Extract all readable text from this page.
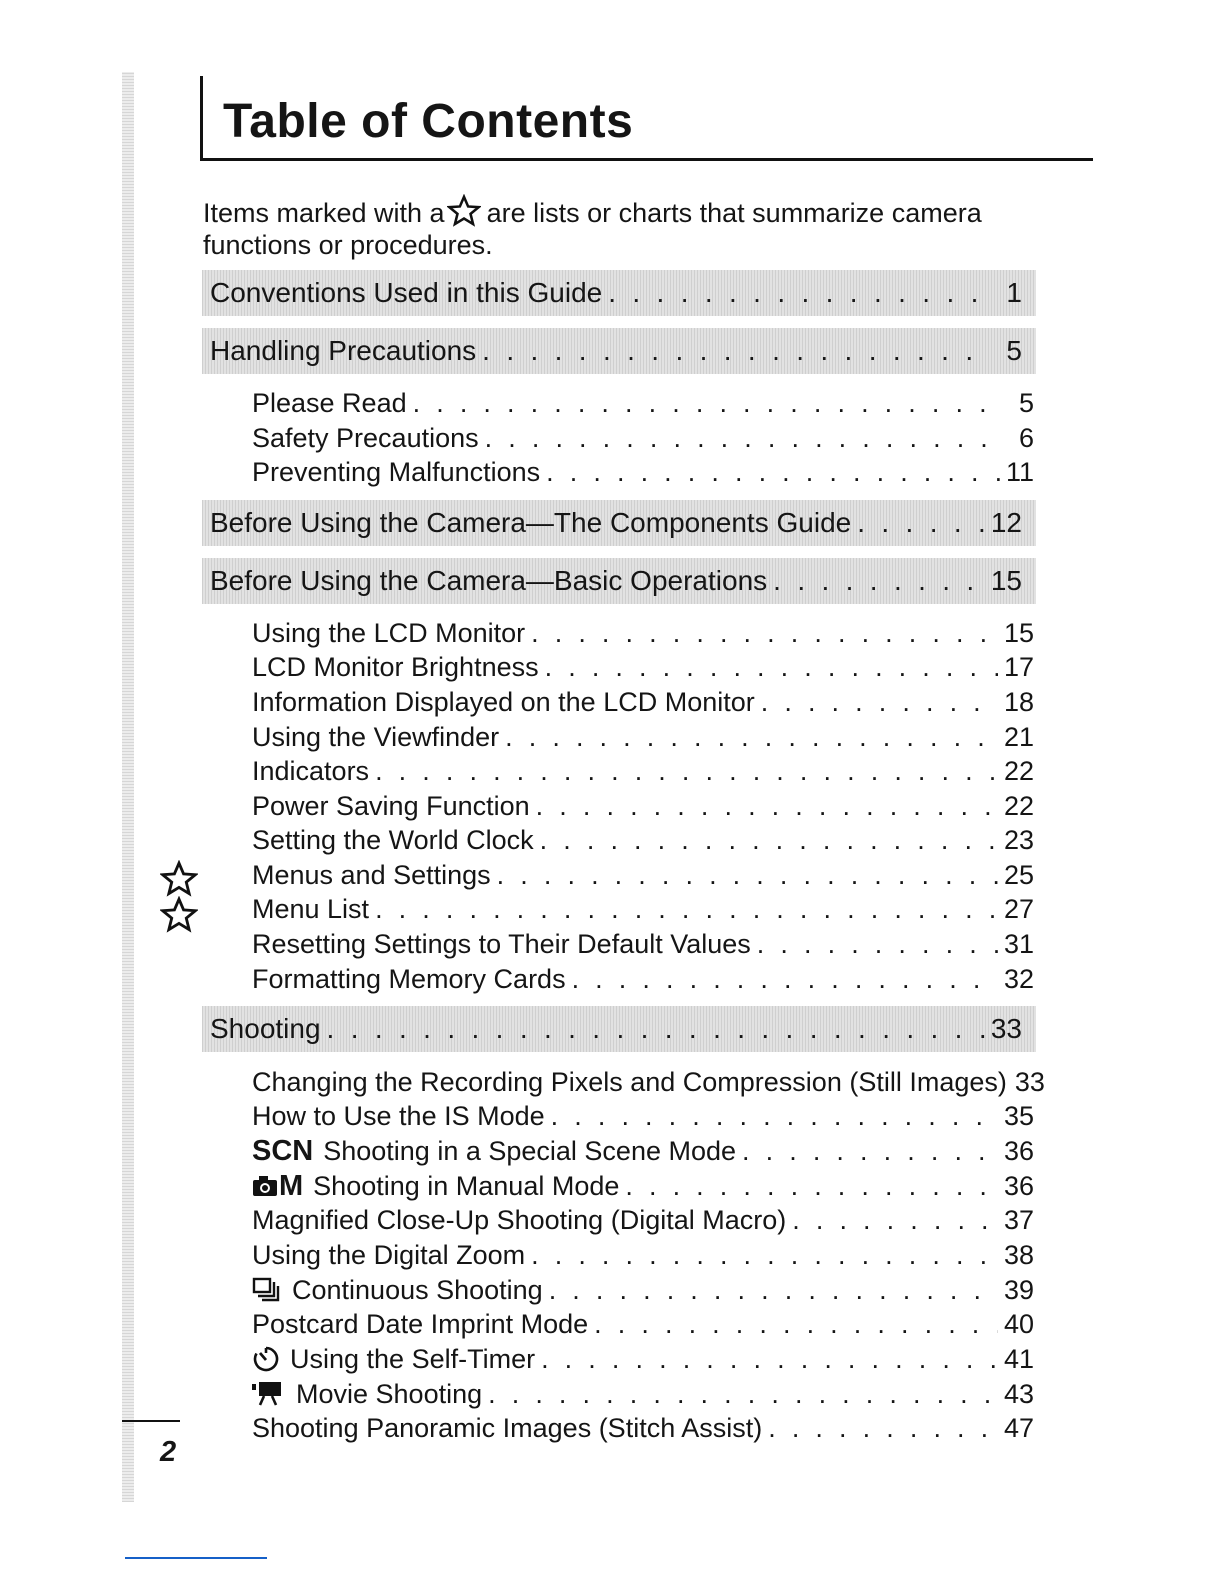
Table of Contents
Items marked with a are lists or charts that summarize camera functions or procedures.
Conventions Used in this Guide . . .	1
Handling Precautions . . .	5
Please Read . . .	5
Safety Precautions . . .	6
Preventing Malfunctions . . .	11
Before Using the Camera—The Components Guide . . .	12
Before Using the Camera—Basic Operations . . .	15
Using the LCD Monitor . . .	15
LCD Monitor Brightness . . .	17
Information Displayed on the LCD Monitor . . .	18
Using the Viewfinder . . .	21
Indicators . . .	22
Power Saving Function . . .	22
Setting the World Clock . . .	23
Menus and Settings . . .	25
Menu List . . .	27
Resetting Settings to Their Default Values . . .	31
Formatting Memory Cards . . .	32
Shooting . . .	33
Changing the Recording Pixels and Compression (Still Images) 33
How to Use the IS Mode . . .	35
SCN Shooting in a Special Scene Mode . . .	36
M Shooting in Manual Mode . . .	36
Magnified Close-Up Shooting (Digital Macro) . . .	37
Using the Digital Zoom . . .	38
Continuous Shooting . . .	39
Postcard Date Imprint Mode . . .	40
Using the Self-Timer . . .	41
Movie Shooting . . .	43
Shooting Panoramic Images (Stitch Assist) . . .	47
2
